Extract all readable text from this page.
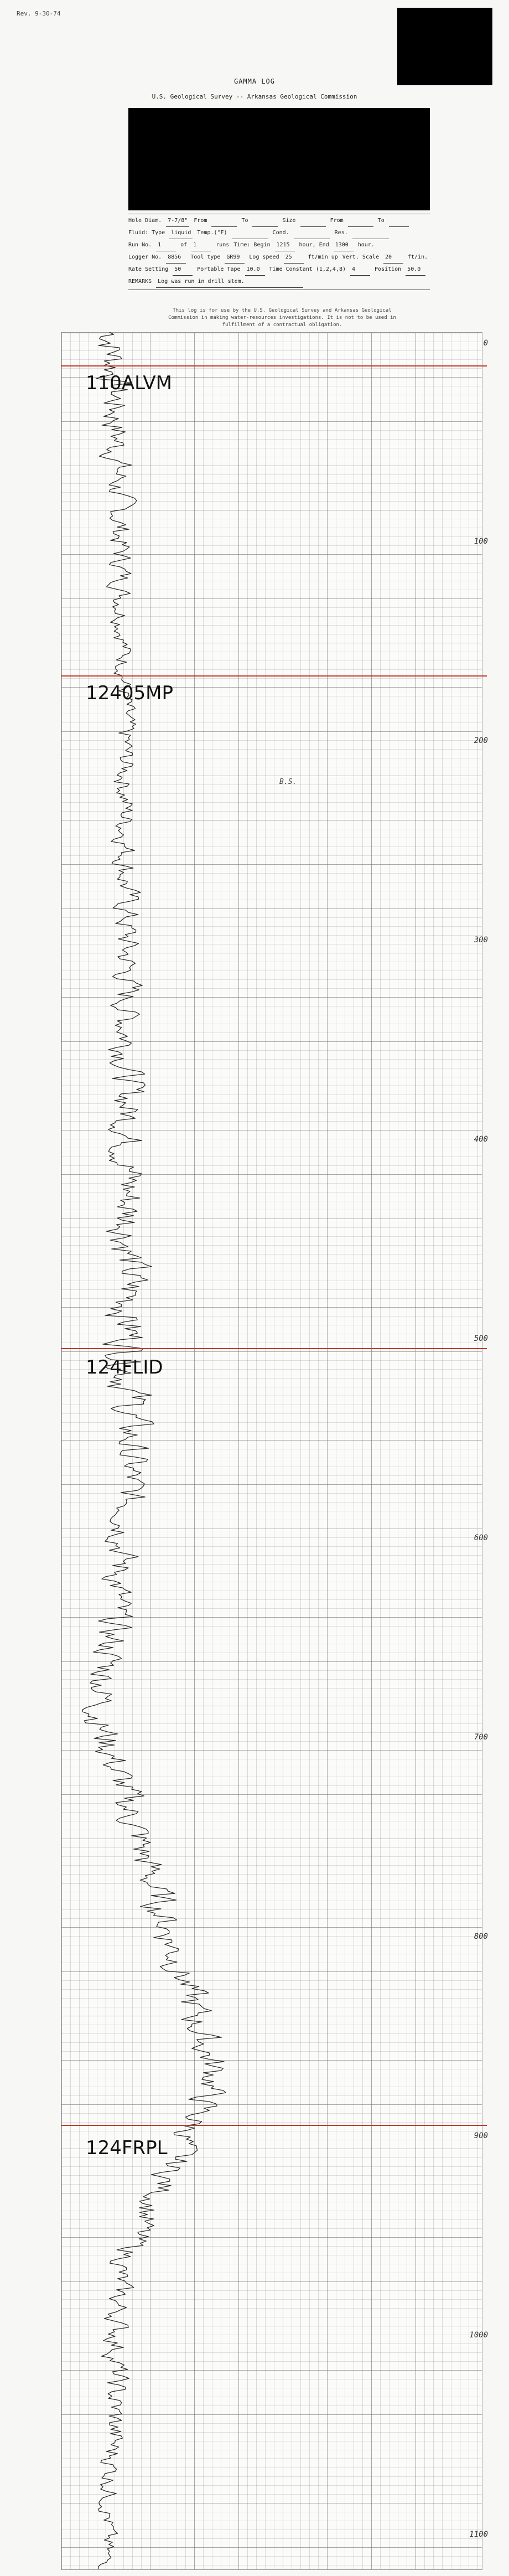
Rev. 9-30-74
GAMMA LOG
U.S. Geological Survey -- Arkansas Geological Commission
Hole Diam.	7-7/8"	From	To	Size	From	To
Fluid: Type	liquid	Temp.(°F)	Cond.	Res.
Run No.	1	of	1	runs Time: Begin	1215	hour, End	1300	hour.
Logger No.	8856	Tool type	GR99	Log speed	25	ft/min up Vert. Scale	20	ft/in.
Rate Setting	50	Portable Tape	10.0	Time Constant (1,2,4,8)	4	Position	50.0
REMARKS	Log was run in drill stem.
This log is for use by the U.S. Geological Survey and Arkansas Geological Commission in making water-resources investigations. It is not to be used in fulfillment of a contractual obligation.
110ALVM
12405MP
124FLID
124FRPL
0
100
200
300
400
500
600
700
800
900
1000
1100
B.S.
